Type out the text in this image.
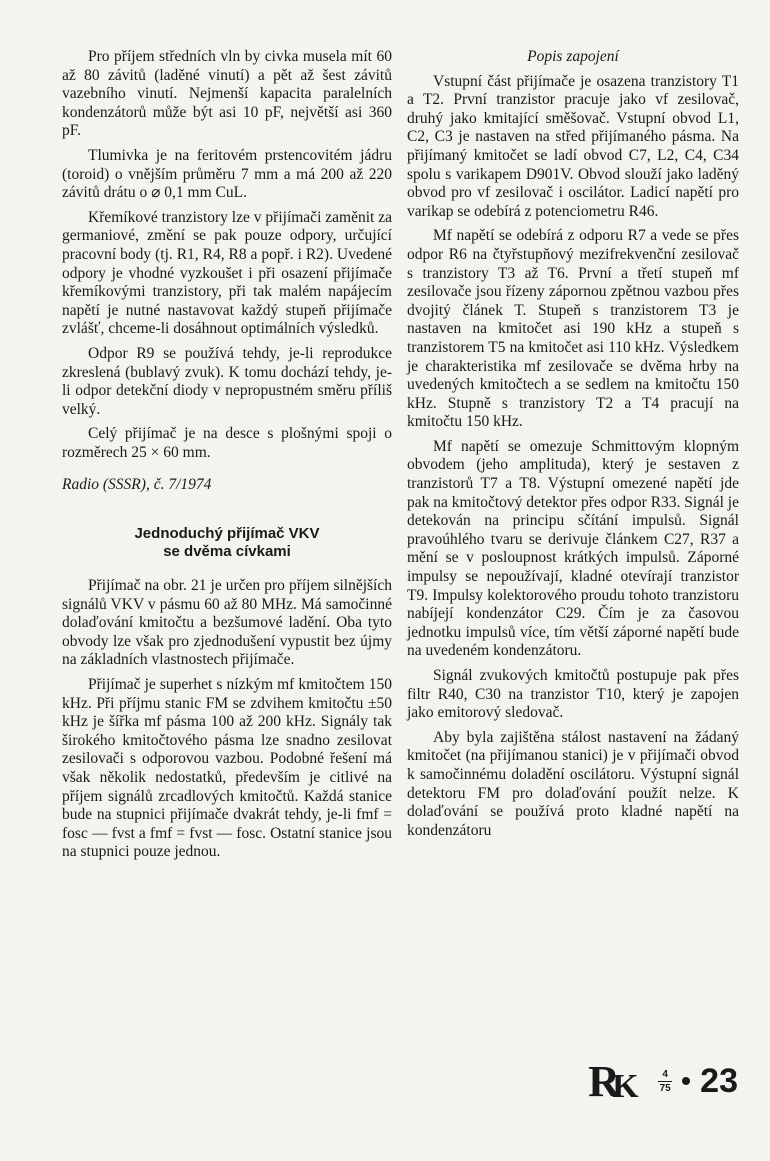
Pro příjem středních vln by civka musela mít 60 až 80 závitů (laděné vinutí) a pět až šest závitů vazebního vinutí. Nejmenší kapacita paralelních kondenzátorů může být asi 10 pF, největší asi 360 pF.

Tlumivka je na feritovém prstencovitém jádru (toroid) o vnějším průměru 7 mm a má 200 až 220 závitů drátu o ⌀ 0,1 mm CuL.

Křemíkové tranzistory lze v přijímači zaměnit za germaniové, změní se pak pouze odpory, určující pracovní body (tj. R1, R4, R8 a popř. i R2). Uvedené odpory je vhodné vyzkoušet i při osazení přijímače křemíkovými tranzistory, při tak malém napájecím napětí je nutné nastavovat každý stupeň přijímače zvlášť, chceme-li dosáhnout optimálních výsledků.

Odpor R9 se používá tehdy, je-li reprodukce zkreslená (bublavý zvuk). K tomu dochází tehdy, je-li odpor detekční diody v nepropustném směru příliš velký.

Celý přijímač je na desce s plošnými spoji o rozměrech 25 × 60 mm.

Radio (SSSR), č. 7/1974

Jednoduchý přijímač VKV
se dvěma cívkami

Přijímač na obr. 21 je určen pro příjem silnějších signálů VKV v pásmu 60 až 80 MHz. Má samočinné dolaďování kmitočtu a bezšumové ladění. Oba tyto obvody lze však pro zjednodušení vypustit bez újmy na základních vlastnostech přijímače.

Přijímač je superhet s nízkým mf kmitočtem 150 kHz. Při příjmu stanic FM se zdvihem kmitočtu ±50 kHz je šířka mf pásma 100 až 200 kHz. Signály tak širokého kmitočtového pásma lze snadno zesilovat zesilovači s odporovou vazbou. Podobné řešení má však několik nedostatků, především je citlivé na příjem signálů zrcadlových kmitočtů. Každá stanice bude na stupnici přijímače dvakrát tehdy, je-li fmf = fosc — fvst a fmf = fvst — fosc. Ostatní stanice jsou na stupnici pouze jednou.

Popis zapojení

Vstupní část přijímače je osazena tranzistory T1 a T2. První tranzistor pracuje jako vf zesilovač, druhý jako kmitající směšovač. Vstupní obvod L1, C2, C3 je nastaven na střed přijímaného pásma. Na přijímaný kmitočet se ladí obvod C7, L2, C4, C34 spolu s varikapem D901V. Obvod slouží jako laděný obvod pro vf zesilovač i oscilátor. Ladicí napětí pro varikap se odebírá z potenciometru R46.

Mf napětí se odebírá z odporu R7 a vede se přes odpor R6 na čtyřstupňový mezifrekvenční zesilovač s tranzistory T3 až T6. První a třetí stupeň mf zesilovače jsou řízeny zápornou zpětnou vazbou přes dvojitý článek T. Stupeň s tranzistorem T3 je nastaven na kmitočet asi 190 kHz a stupeň s tranzistorem T5 na kmitočet asi 110 kHz. Výsledkem je charakteristika mf zesilovače se dvěma hrby na uvedených kmitočtech a se sedlem na kmitočtu 150 kHz. Stupně s tranzistory T2 a T4 pracují na kmitočtu 150 kHz.

Mf napětí se omezuje Schmittovým klopným obvodem (jeho amplituda), který je sestaven z tranzistorů T7 a T8. Výstupní omezené napětí jde pak na kmitočtový detektor přes odpor R33. Signál je detekován na principu sčítání impulsů. Signál pravoúhlého tvaru se derivuje článkem C27, R37 a mění se v posloupnost krátkých impulsů. Záporné impulsy se nepoužívají, kladné otevírají tranzistor T9. Impulsy kolektorového proudu tohoto tranzistoru nabíjejí kondenzátor C29. Čím je za časovou jednotku impulsů více, tím větší záporné napětí bude na uvedeném kondenzátoru.

Signál zvukových kmitočtů postupuje pak přes filtr R40, C30 na tranzistor T10, který je zapojen jako emitorový sledovač.

Aby byla zajištěna stálost nastavení na žádaný kmitočet (na přijímanou stanici) je v přijímači obvod k samočinnému doladění oscilátoru. Výstupní signál detektoru FM pro dolaďování použít nelze. K dolaďování se používá proto kladné napětí na kondenzátoru

R
K 4
75 23
